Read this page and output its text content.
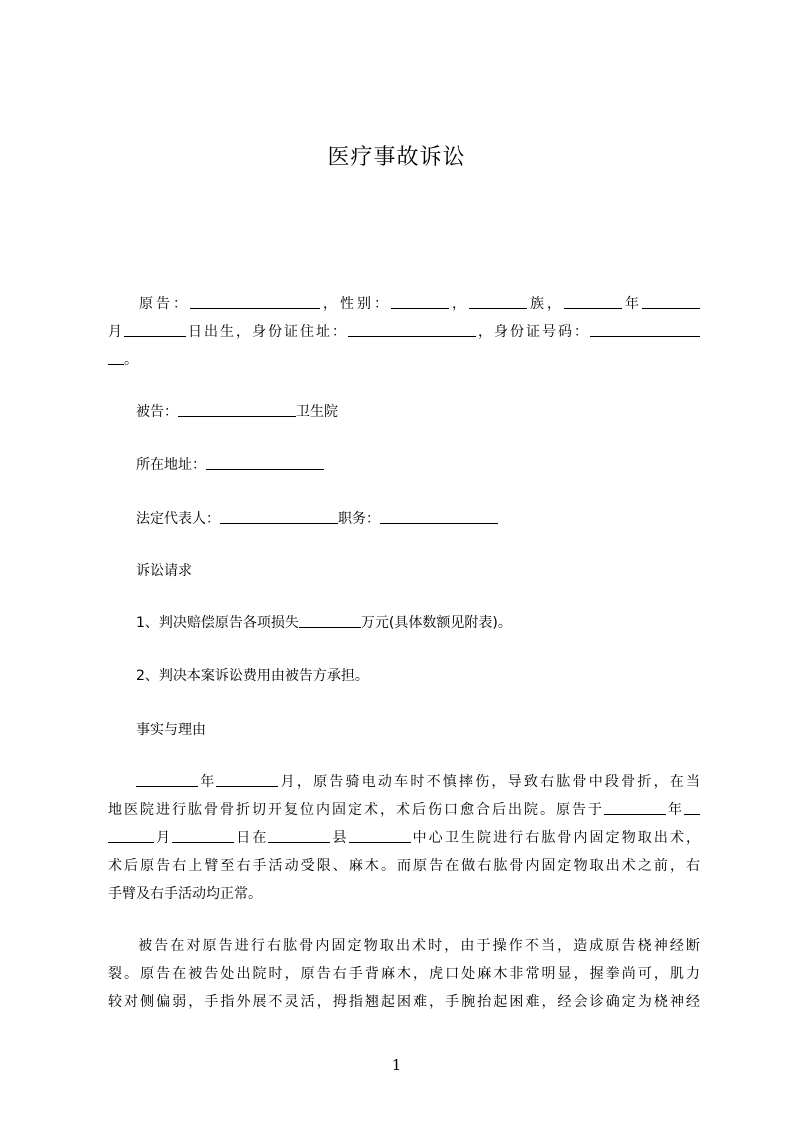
医疗事故诉讼
原告：	，性别：	，	族，	年
月	日出生，身份证住址：	，身份证号码：
。
被告：	卫生院
所在地址：
法定代表人：	职务：
诉讼请求
1、判决赔偿原告各项损失	万元(具体数额见附表)。
2、判决本案诉讼费用由被告方承担。
事实与理由
年	月，原告骑电动车时不慎摔伤，导致右肱骨中段骨折，在当
地医院进行肱骨骨折切开复位内固定术，术后伤口愈合后出院。原告于	年
月	日在	县	中心卫生院进行右肱骨内固定物取出术，
术后原告右上臂至右手活动受限、麻木。而原告在做右肱骨内固定物取出术之前，右
手臂及右手活动均正常。
被告在对原告进行右肱骨内固定物取出术时，由于操作不当，造成原告桡神经断
裂。原告在被告处出院时，原告右手背麻木，虎口处麻木非常明显，握拳尚可，肌力
较对侧偏弱，手指外展不灵活，拇指翘起困难，手腕抬起困难，经会诊确定为桡神经
1
